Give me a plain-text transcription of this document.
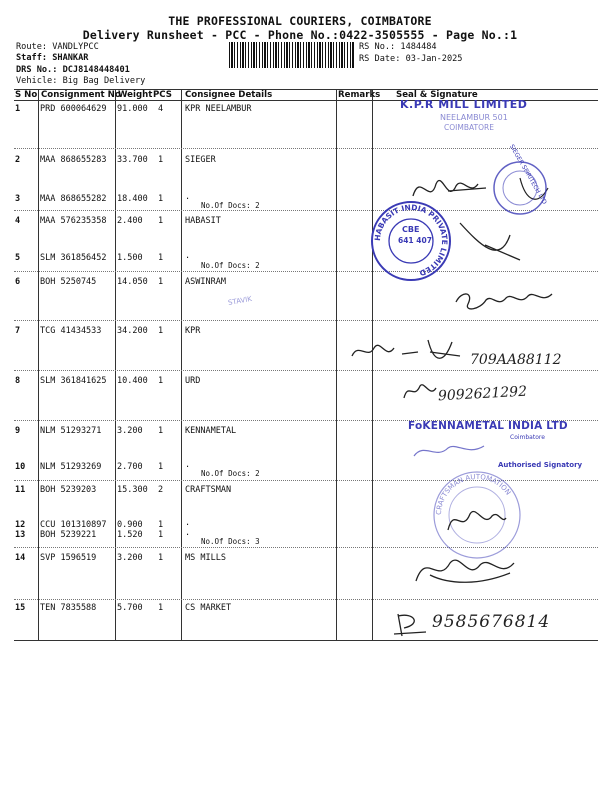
THE PROFESSIONAL COURIERS, COIMBATORE
Delivery Runsheet - PCC - Phone No.:0422-3505555 - Page No.:1
Route: VANDLYPCC
Staff: SHANKAR
DRS No.: DCJ8148448401
Vehicle: Big Bag Delivery
RS No.: 1484484
RS Date: 03-Jan-2025
S No Consignment No
Weight PCS Consignee Details	Remarks Seal & Signature
1 PRD 600064629 91.000 4	KPR NEELAMBUR
2 MAA 868655283 33.700 1	SIEGER
3 MAA 868655282 18.400 1	.
No.Of Docs: 2
4 MAA 576235358 2.400 1	HABASIT
5 SLM 361856452 1.500 1	.
No.Of Docs: 2
6 BOH 5250745 14.050 1	ASWINRAM
7 TCG 41434533 34.200 1	KPR
8 SLM 361841625 10.400 1	URD
9 NLM 51293271 3.200 1	KENNAMETAL
10 NLM 51293269 2.700 1	.
No.Of Docs: 2
11 BOH 5239203 15.300 2	CRAFTSMAN
12 CCU 101310897 0.900 1	.
13 BOH 5239221 1.520 1	.
No.Of Docs: 3
14 SVP 1596519 3.200 1	MS MILLS
15 TEN 7835588 5.700 1	CS MARKET
K.P.R MILL LIMITED
NEELAMBUR 501
COIMBATORE
SIEGER SPIRITECH LTD
HABASIT INDIA PRIVATE LIMITED
CBE
641 407
STAVIK
709AA88112
9092621292
FoKENNAMETAL INDIA LTD
Coimbatore
Authorised Signatory
CRAFTSMAN AUTOMATION
9585676814
